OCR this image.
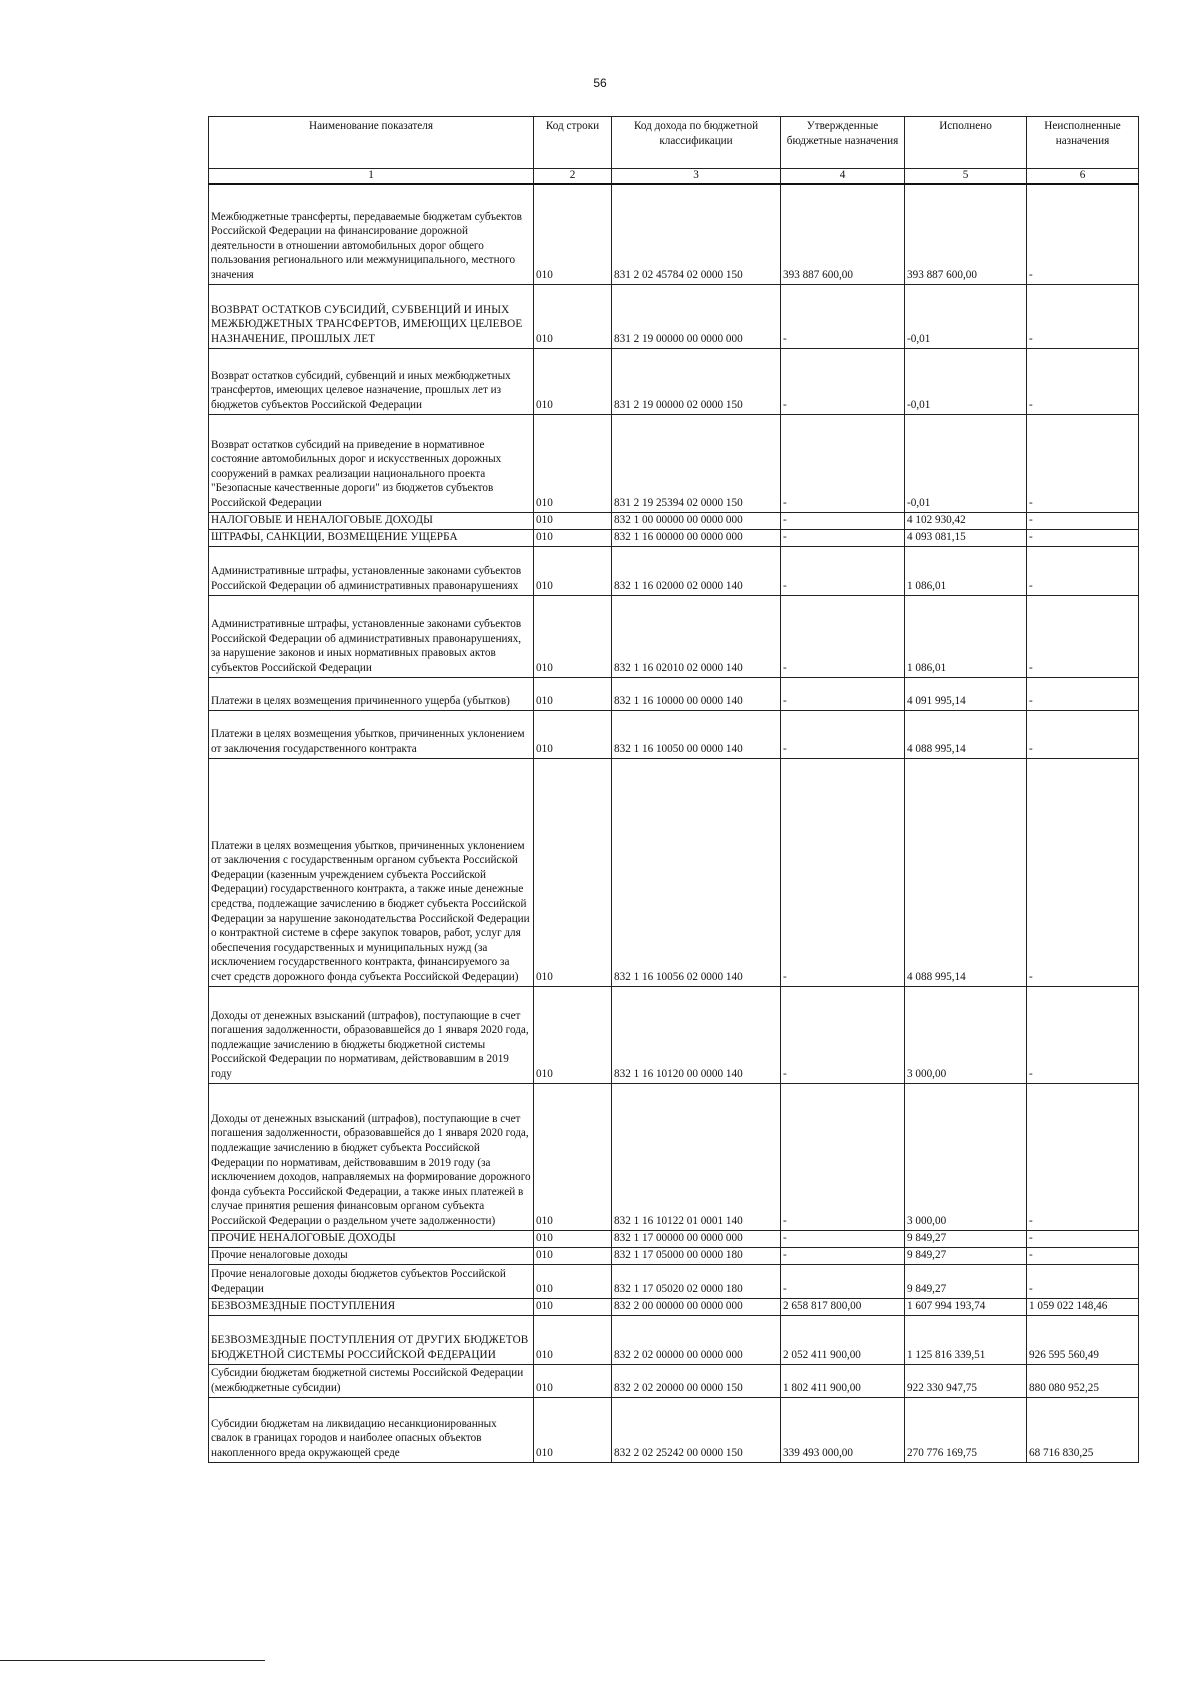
56
Наименование показателя	Код строки	Код дохода по бюджетной классификации	Утвержденные бюджетные назначения	Исполнено	Неисполненные назначения
1	2	3	4	5	6
Межбюджетные трансферты, передаваемые бюджетам субъектов Российской Федерации на финансирование дорожной деятельности в отношении автомобильных дорог общего пользования регионального или межмуниципального, местного значения	010	831 2 02 45784 02 0000 150	393 887 600,00	393 887 600,00	-
ВОЗВРАТ ОСТАТКОВ СУБСИДИЙ, СУБВЕНЦИЙ И ИНЫХ МЕЖБЮДЖЕТНЫХ ТРАНСФЕРТОВ, ИМЕЮЩИХ ЦЕЛЕВОЕ НАЗНАЧЕНИЕ, ПРОШЛЫХ ЛЕТ	010	831 2 19 00000 00 0000 000	-	-0,01	-
Возврат остатков субсидий, субвенций и иных межбюджетных трансфертов, имеющих целевое назначение, прошлых лет из бюджетов субъектов Российской Федерации	010	831 2 19 00000 02 0000 150	-	-0,01	-
Возврат остатков субсидий на приведение в нормативное состояние автомобильных дорог и искусственных дорожных сооружений в рамках реализации национального проекта "Безопасные качественные дороги" из бюджетов субъектов Российской Федерации	010	831 2 19 25394 02 0000 150	-	-0,01	-
НАЛОГОВЫЕ И НЕНАЛОГОВЫЕ ДОХОДЫ	010	832 1 00 00000 00 0000 000	-	4 102 930,42	-
ШТРАФЫ, САНКЦИИ, ВОЗМЕЩЕНИЕ УЩЕРБА	010	832 1 16 00000 00 0000 000	-	4 093 081,15	-
Административные штрафы, установленные законами субъектов Российской Федерации об административных правонарушениях	010	832 1 16 02000 02 0000 140	-	1 086,01	-
Административные штрафы, установленные законами субъектов Российской Федерации об административных правонарушениях, за нарушение законов и иных нормативных правовых актов субъектов Российской Федерации	010	832 1 16 02010 02 0000 140	-	1 086,01	-
Платежи в целях возмещения причиненного ущерба (убытков)	010	832 1 16 10000 00 0000 140	-	4 091 995,14	-
Платежи в целях возмещения убытков, причиненных уклонением от заключения государственного контракта	010	832 1 16 10050 00 0000 140	-	4 088 995,14	-
Платежи в целях возмещения убытков, причиненных уклонением от заключения с государственным органом субъекта Российской Федерации (казенным учреждением субъекта Российской Федерации) государственного контракта, а также иные денежные средства, подлежащие зачислению в бюджет субъекта Российской Федерации за нарушение законодательства Российской Федерации о контрактной системе в сфере закупок товаров, работ, услуг для обеспечения государственных и муниципальных нужд (за исключением государственного контракта, финансируемого за счет средств дорожного фонда субъекта Российской Федерации)	010	832 1 16 10056 02 0000 140	-	4 088 995,14	-
Доходы от денежных взысканий (штрафов), поступающие в счет погашения задолженности, образовавшейся до 1 января 2020 года, подлежащие зачислению в бюджеты бюджетной системы Российской Федерации по нормативам, действовавшим в 2019 году	010	832 1 16 10120 00 0000 140	-	3 000,00	-
Доходы от денежных взысканий (штрафов), поступающие в счет погашения задолженности, образовавшейся до 1 января 2020 года, подлежащие зачислению в бюджет субъекта Российской Федерации по нормативам, действовавшим в 2019 году (за исключением доходов, направляемых на формирование дорожного фонда субъекта Российской Федерации, а также иных платежей в случае принятия решения финансовым органом субъекта Российской Федерации о раздельном учете задолженности)	010	832 1 16 10122 01 0001 140	-	3 000,00	-
ПРОЧИЕ НЕНАЛОГОВЫЕ ДОХОДЫ	010	832 1 17 00000 00 0000 000	-	9 849,27	-
Прочие неналоговые доходы	010	832 1 17 05000 00 0000 180	-	9 849,27	-
Прочие неналоговые доходы бюджетов субъектов Российской Федерации	010	832 1 17 05020 02 0000 180	-	9 849,27	-
БЕЗВОЗМЕЗДНЫЕ ПОСТУПЛЕНИЯ	010	832 2 00 00000 00 0000 000	2 658 817 800,00	1 607 994 193,74	1 059 022 148,46
БЕЗВОЗМЕЗДНЫЕ ПОСТУПЛЕНИЯ ОТ ДРУГИХ БЮДЖЕТОВ БЮДЖЕТНОЙ СИСТЕМЫ РОССИЙСКОЙ ФЕДЕРАЦИИ	010	832 2 02 00000 00 0000 000	2 052 411 900,00	1 125 816 339,51	926 595 560,49
Субсидии бюджетам бюджетной системы Российской Федерации (межбюджетные субсидии)	010	832 2 02 20000 00 0000 150	1 802 411 900,00	922 330 947,75	880 080 952,25
Субсидии бюджетам на ликвидацию несанкционированных свалок в границах городов и наиболее опасных объектов накопленного вреда окружающей среде	010	832 2 02 25242 00 0000 150	339 493 000,00	270 776 169,75	68 716 830,25
